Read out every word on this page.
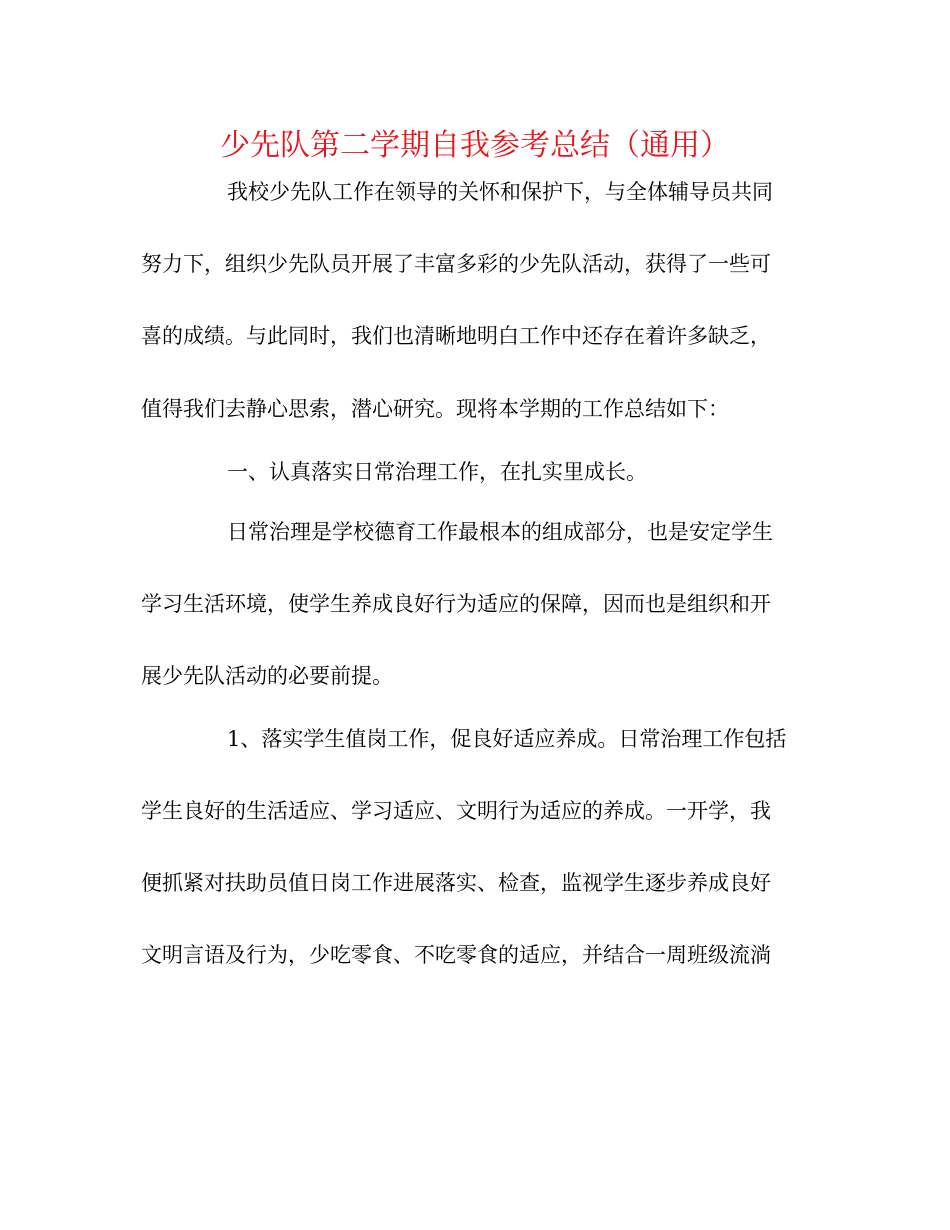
少先队第二学期自我参考总结（通用）
我校少先队工作在领导的关怀和保护下，与全体辅导员共同
努力下，组织少先队员开展了丰富多彩的少先队活动，获得了一些可
喜的成绩。与此同时，我们也清晰地明白工作中还存在着许多缺乏，
值得我们去静心思索，潜心研究。现将本学期的工作总结如下：
一、认真落实日常治理工作，在扎实里成长。
日常治理是学校德育工作最根本的组成部分，也是安定学生
学习生活环境，使学生养成良好行为适应的保障，因而也是组织和开
展少先队活动的必要前提。
1、落实学生值岗工作，促良好适应养成。日常治理工作包括
学生良好的生活适应、学习适应、文明行为适应的养成。一开学，我
便抓紧对扶助员值日岗工作进展落实、检查，监视学生逐步养成良好
文明言语及行为，少吃零食、不吃零食的适应，并结合一周班级流淌
